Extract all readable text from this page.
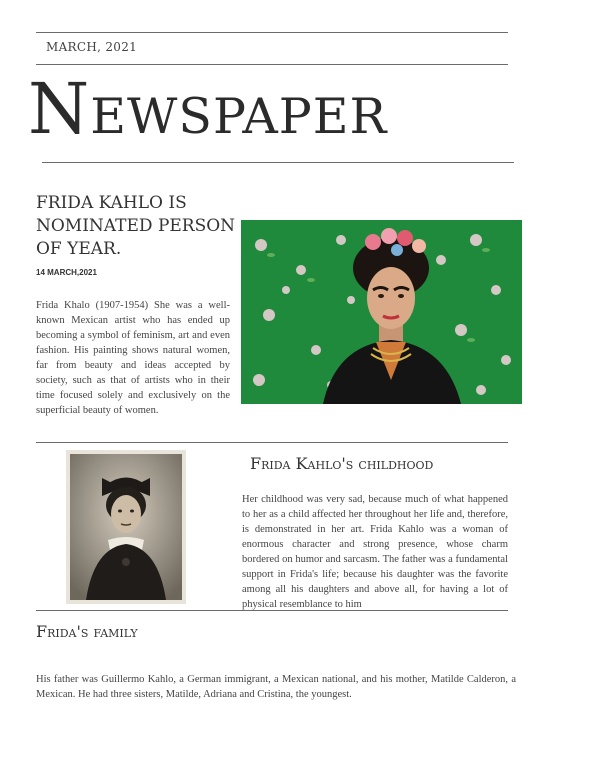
MARCH, 2021
Newspaper
FRIDA KAHLO IS NOMINATED PERSON OF YEAR.
14 MARCH,2021

Frida Khalo (1907-1954) She was a well-known Mexican artist who has ended up becoming a symbol of feminism, art and even fashion. His painting shows natural women, far from beauty and ideas accepted by society, such as that of artists who in their time focused solely and exclusively on the superficial beauty of women.

Frida Kahlo's childhood

Her childhood was very sad, because much of what happened to her as a child affected her throughout her life and, therefore, is demonstrated in her art. Frida Kahlo was a woman of enormous character and strong presence, whose charm bordered on humor and sarcasm. The father was a fundamental support in Frida's life; because his daughter was the favorite among all his daughters and above all, for having a lot of physical resemblance to him

Frida's family

His father was Guillermo Kahlo, a German immigrant, a Mexican national, and his mother, Matilde Calderon, a Mexican. He had three sisters, Matilde, Adriana and Cristina, the youngest.
